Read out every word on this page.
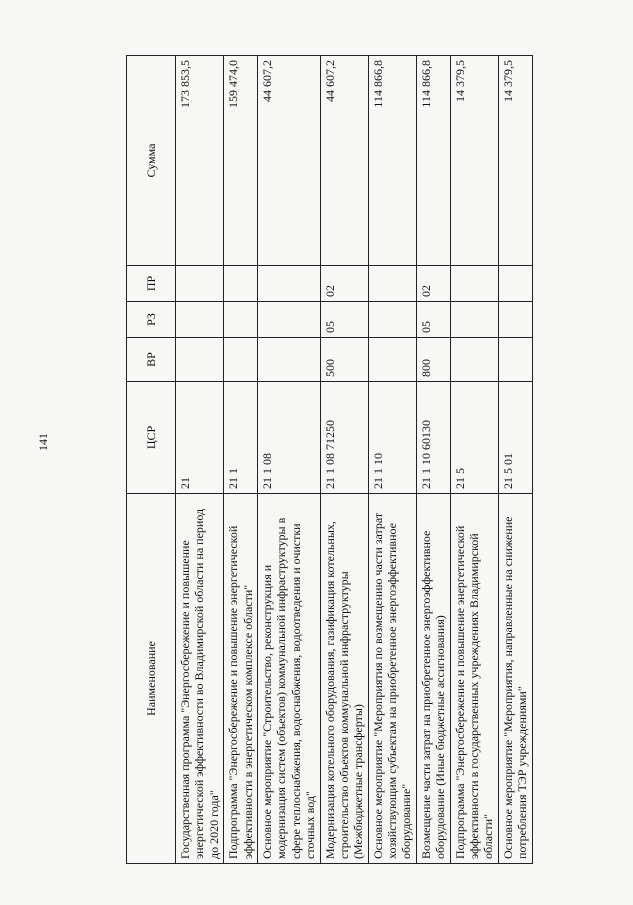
141
Наименование	ЦСР	ВР	РЗ	ПР	Сумма
Государственная программа "Энергосбережение и повышение энергетической эффективности во Владимирской области на период до 2020 года"	21				173 853,5
Подпрограмма "Энергосбережение и повышение энергетической эффективности в энергетическом комплексе области"	21 1				159 474,0
Основное мероприятие "Строительство, реконструкция и модернизация систем (объектов) коммунальной инфраструктуры в сфере теплоснабжения, водоснабжения, водоотведения и очистки сточных вод"	21 1 08				44 607,2
Модернизация котельного оборудования, газификация котельных, строительство объектов коммунальной инфраструктуры (Межбюджетные трансферты)	21 1 08 71250	500	05	02	44 607,2
Основное мероприятие "Мероприятия по возмещению части затрат хозяйствующим субъектам на приобретенное энергоэффективное оборудование"	21 1 10				114 866,8
Возмещение части затрат на приобретенное энергоэффективное оборудование (Иные бюджетные ассигнования)	21 1 10 60130	800	05	02	114 866,8
Подпрограмма "Энергосбережение и повышение энергетической эффективности в государственных учреждениях Владимирской области"	21 5				14 379,5
Основное мероприятие "Мероприятия, направленные на снижение потребления ТЭР учреждениями"	21 5 01				14 379,5
